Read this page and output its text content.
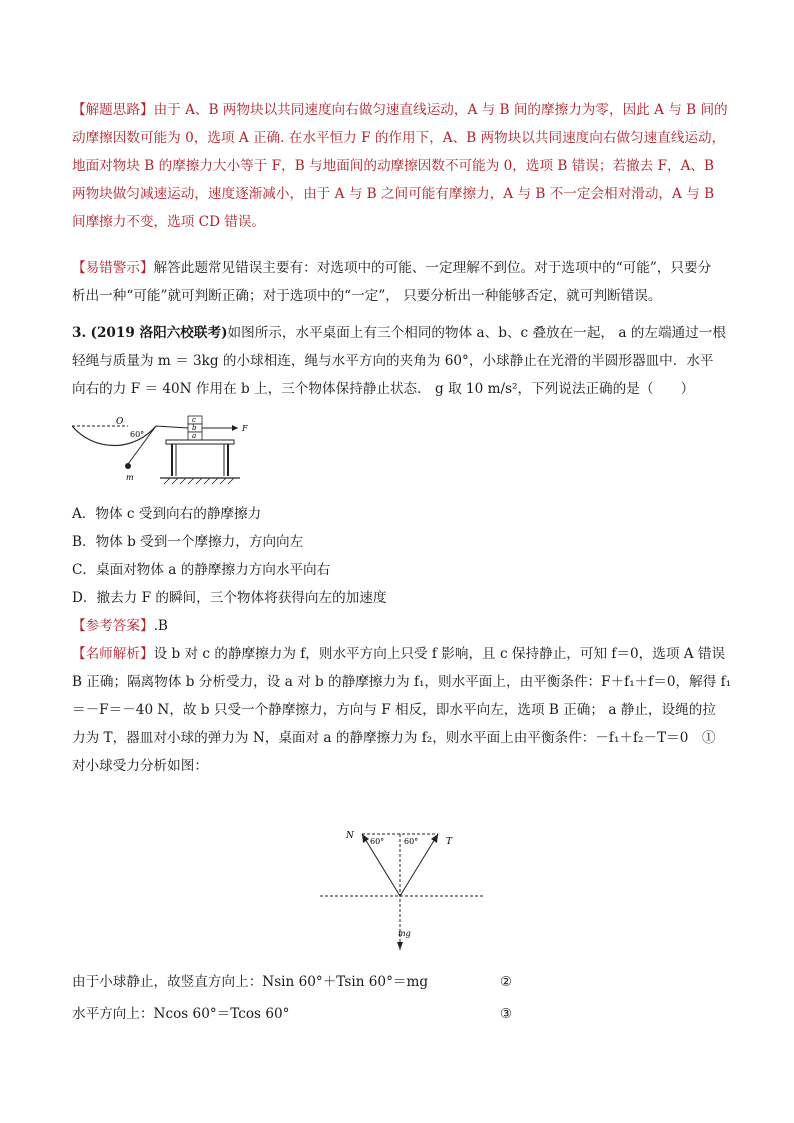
【解题思路】由于 A、B 两物块以共同速度向右做匀速直线运动，A 与 B 间的摩擦力为零，因此 A 与 B 间的
动摩擦因数可能为 0，选项 A 正确. 在水平恒力 F 的作用下，A、B 两物块以共同速度向右做匀速直线运动，
地面对物块 B 的摩擦力大小等于 F，B 与地面间的动摩擦因数不可能为 0，选项 B 错误；若撤去 F，A、B
两物块做匀减速运动，速度逐渐减小，由于 A 与 B 之间可能有摩擦力，A 与 B 不一定会相对滑动，A 与 B
间摩擦力不变，选项 CD 错误。
【易错警示】解答此题常见错误主要有：对选项中的可能、一定理解不到位。对于选项中的“可能”，只要分
析出一种“可能”就可判断正确；对于选项中的“一定”， 只要分析出一种能够否定，就可判断错误。
3. (2019 洛阳六校联考)如图所示，水平桌面上有三个相同的物体 a、b、c 叠放在一起， a 的左端通过一根
轻绳与质量为 m ＝ 3kg 的小球相连，绳与水平方向的夹角为 60°，小球静止在光滑的半圆形器皿中．水平
向右的力 F ＝ 40N 作用在 b 上，三个物体保持静止状态． g 取 10 m/s²，下列说法正确的是（　　）
O
60°
m
c
b
a
F
A．物体 c 受到向右的静摩擦力
B．物体 b 受到一个摩擦力，方向向左
C．桌面对物体 a 的静摩擦力方向水平向右
D．撤去力 F 的瞬间，三个物体将获得向左的加速度
【参考答案】.B
【名师解析】设 b 对 c 的静摩擦力为 f，则水平方向上只受 f 影响，且 c 保持静止，可知 f＝0，选项 A 错误
B 正确；隔离物体 b 分析受力，设 a 对 b 的静摩擦力为 f₁，则水平面上，由平衡条件：F＋f₁＋f＝0，解得 f₁
＝－F＝－40 N，故 b 只受一个静摩擦力，方向与 F 相反，即水平向左，选项 B 正确； a 静止，设绳的拉
力为 T，器皿对小球的弹力为 N，桌面对 a 的静摩擦力为 f₂，则水平面上由平衡条件：－f₁＋f₂－T＝0　①
对小球受力分析如图：
N
T
60° 60°
mg
由于小球静止，故竖直方向上：Nsin 60°＋Tsin 60°＝mg	②
水平方向上：Ncos 60°＝Tcos 60°	③
